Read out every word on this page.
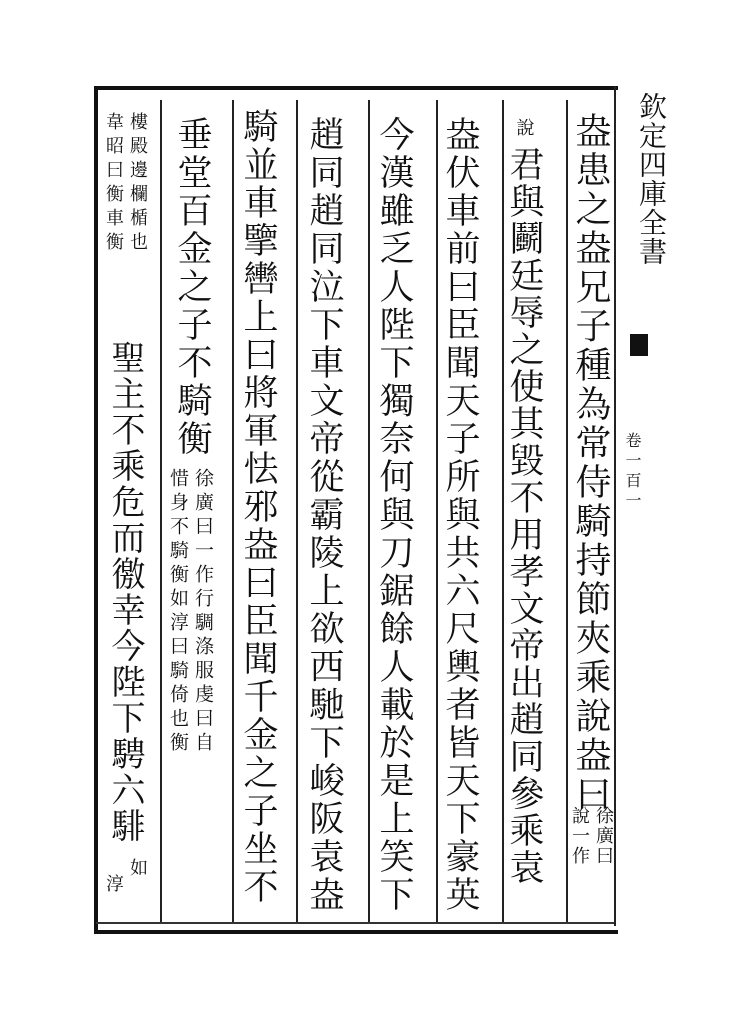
欽定四庫全書
卷一百一
盎患之盎兄子種為常侍騎持節夾乘說盎曰
徐廣曰
說一作
說
君與鬬廷辱之使其毀不用孝文帝出趙同參乘袁
盎伏車前曰臣聞天子所與共六尺輿者皆天下豪英
今漢雖乏人陛下獨奈何與刀鋸餘人載於是上笑下
趙同趙同泣下車文帝從霸陵上欲西馳下峻阪袁盎
騎並車擥轡上曰將軍怯邪盎曰臣聞千金之子坐不
垂堂百金之子不騎衡
徐廣曰一作行騆涤服虔曰自
惜身不騎衡如淳曰騎倚也衡
樓殿邊欄楯也
韋昭曰衡車衡
聖主不乘危而徼幸今陛下騁六騑
如
淳
